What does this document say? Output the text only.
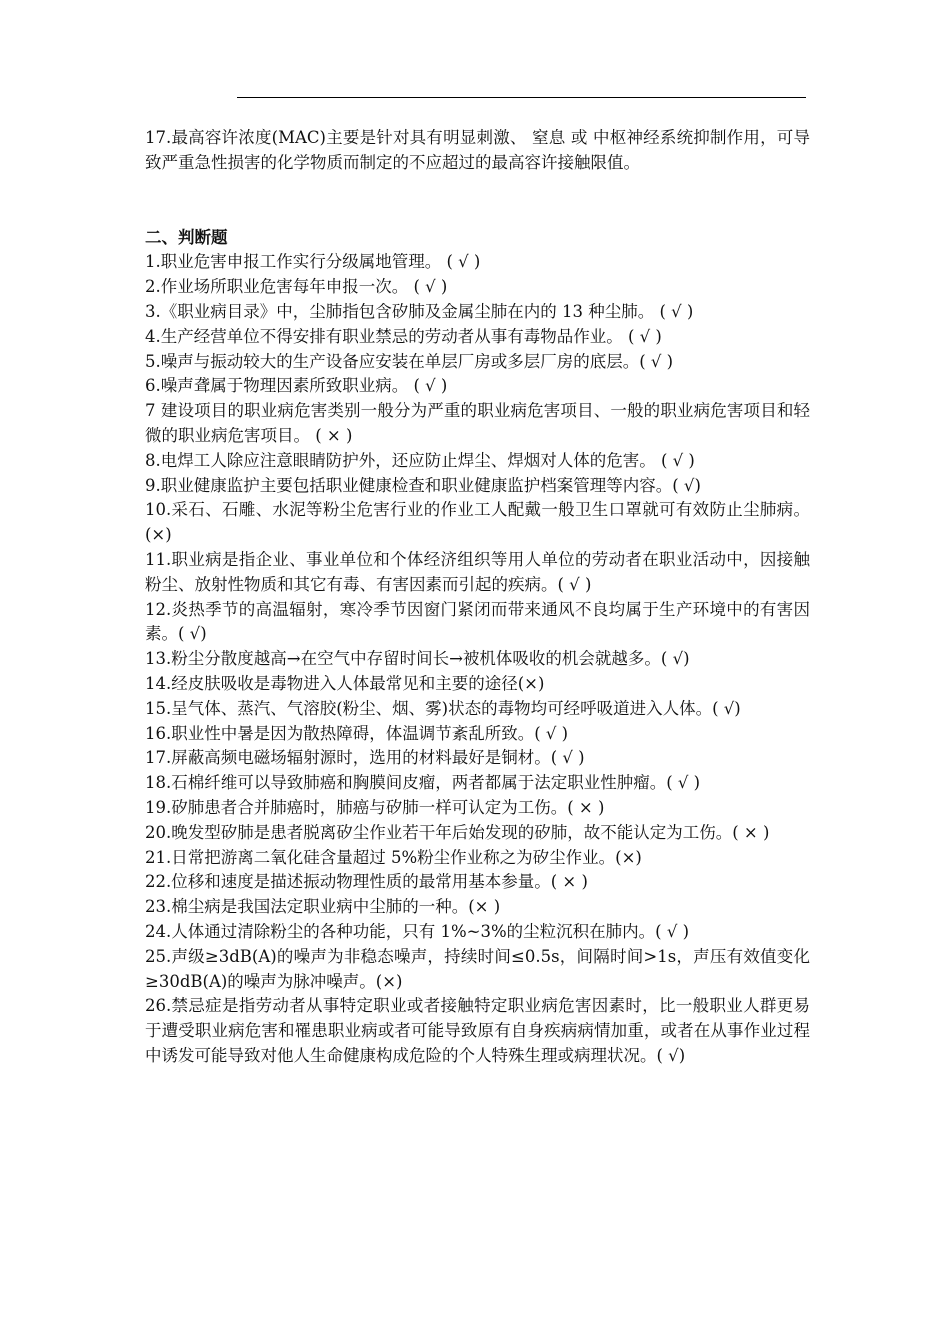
17.最高容许浓度(MAC)主要是针对具有明显刺激、 窒息 或 中枢神经系统抑制作用，可导致严重急性损害的化学物质而制定的不应超过的最高容许接触限值。

二、判断题

1.职业危害申报工作实行分级属地管理。 ( √ )

2.作业场所职业危害每年申报一次。 ( √ )

3.《职业病目录》中，尘肺指包含矽肺及金属尘肺在内的 13 种尘肺。 ( √ )

4.生产经营单位不得安排有职业禁忌的劳动者从事有毒物品作业。 ( √ )

5.噪声与振动较大的生产设备应安装在单层厂房或多层厂房的底层。( √ )

6.噪声聋属于物理因素所致职业病。 ( √ )

7 建设项目的职业病危害类别一般分为严重的职业病危害项目、一般的职业病危害项目和轻微的职业病危害项目。 ( × )

8.电焊工人除应注意眼睛防护外，还应防止焊尘、焊烟对人体的危害。 ( √ )

9.职业健康监护主要包括职业健康检查和职业健康监护档案管理等内容。( √)

10.采石、石雕、水泥等粉尘危害行业的作业工人配戴一般卫生口罩就可有效防止尘肺病。(×)

11.职业病是指企业、事业单位和个体经济组织等用人单位的劳动者在职业活动中，因接触粉尘、放射性物质和其它有毒、有害因素而引起的疾病。( √ )

12.炎热季节的高温辐射，寒冷季节因窗门紧闭而带来通风不良均属于生产环境中的有害因素。( √)

13.粉尘分散度越高→在空气中存留时间长→被机体吸收的机会就越多。( √)

14.经皮肤吸收是毒物进入人体最常见和主要的途径(×)

15.呈气体、蒸汽、气溶胶(粉尘、烟、雾)状态的毒物均可经呼吸道进入人体。( √)

16.职业性中暑是因为散热障碍，体温调节紊乱所致。( √ )

17.屏蔽高频电磁场辐射源时，选用的材料最好是铜材。( √ )

18.石棉纤维可以导致肺癌和胸膜间皮瘤，两者都属于法定职业性肿瘤。( √ )

19.矽肺患者合并肺癌时，肺癌与矽肺一样可认定为工伤。( × )

20.晚发型矽肺是患者脱离矽尘作业若干年后始发现的矽肺，故不能认定为工伤。( × )

21.日常把游离二氧化硅含量超过 5%粉尘作业称之为矽尘作业。(×)

22.位移和速度是描述振动物理性质的最常用基本参量。( × )

23.棉尘病是我国法定职业病中尘肺的一种。(× )

24.人体通过清除粉尘的各种功能，只有 1%~3%的尘粒沉积在肺内。( √ )

25.声级≥3dB(A)的噪声为非稳态噪声，持续时间≤0.5s，间隔时间>1s，声压有效值变化≥30dB(A)的噪声为脉冲噪声。(×)

26.禁忌症是指劳动者从事特定职业或者接触特定职业病危害因素时，比一般职业人群更易于遭受职业病危害和罹患职业病或者可能导致原有自身疾病病情加重，或者在从事作业过程中诱发可能导致对他人生命健康构成危险的个人特殊生理或病理状况。( √)
